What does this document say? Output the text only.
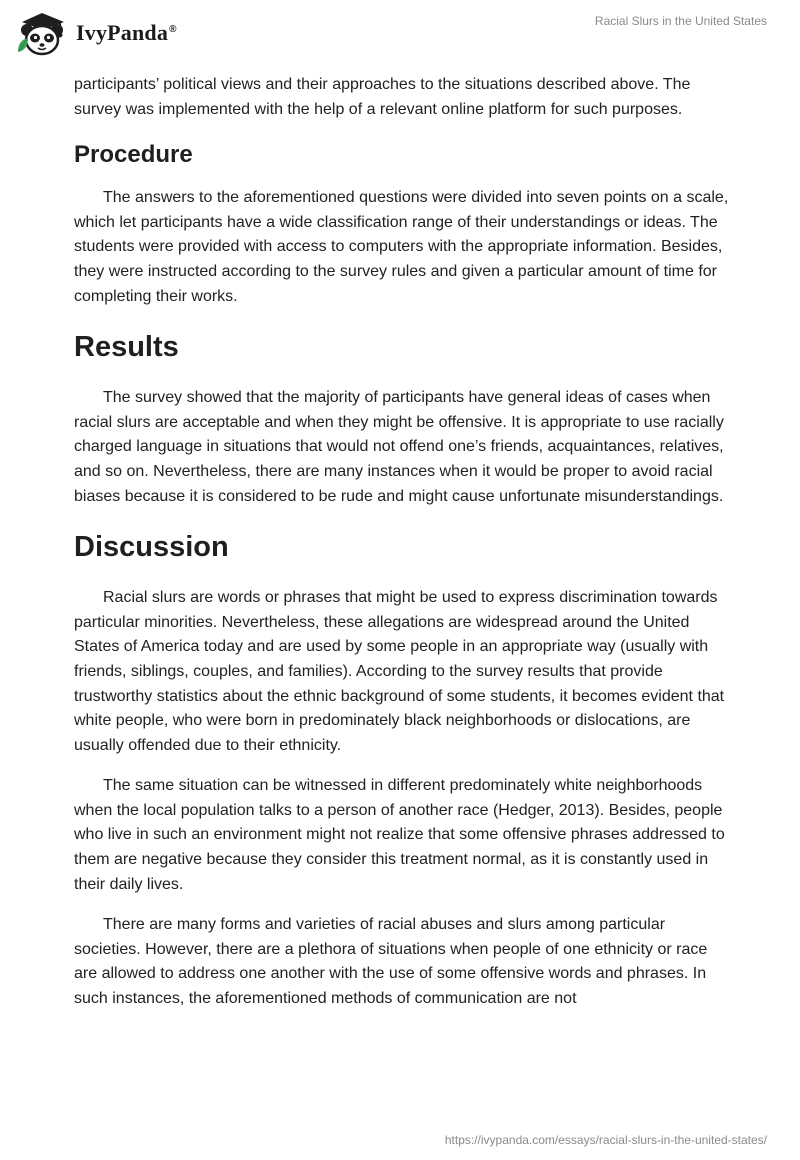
IvyPanda®
Racial Slurs in the United States

participants’ political views and their approaches to the situations described above. The survey was implemented with the help of a relevant online platform for such purposes.

Procedure

The answers to the aforementioned questions were divided into seven points on a scale, which let participants have a wide classification range of their understandings or ideas. The students were provided with access to computers with the appropriate information. Besides, they were instructed according to the survey rules and given a particular amount of time for completing their works.

Results

The survey showed that the majority of participants have general ideas of cases when racial slurs are acceptable and when they might be offensive. It is appropriate to use racially charged language in situations that would not offend one’s friends, acquaintances, relatives, and so on. Nevertheless, there are many instances when it would be proper to avoid racial biases because it is considered to be rude and might cause unfortunate misunderstandings.

Discussion

Racial slurs are words or phrases that might be used to express discrimination towards particular minorities. Nevertheless, these allegations are widespread around the United States of America today and are used by some people in an appropriate way (usually with friends, siblings, couples, and families). According to the survey results that provide trustworthy statistics about the ethnic background of some students, it becomes evident that white people, who were born in predominately black neighborhoods or dislocations, are usually offended due to their ethnicity.

The same situation can be witnessed in different predominately white neighborhoods when the local population talks to a person of another race (Hedger, 2013). Besides, people who live in such an environment might not realize that some offensive phrases addressed to them are negative because they consider this treatment normal, as it is constantly used in their daily lives.

There are many forms and varieties of racial abuses and slurs among particular societies. However, there are a plethora of situations when people of one ethnicity or race are allowed to address one another with the use of some offensive words and phrases. In such instances, the aforementioned methods of communication are not

https://ivypanda.com/essays/racial-slurs-in-the-united-states/
